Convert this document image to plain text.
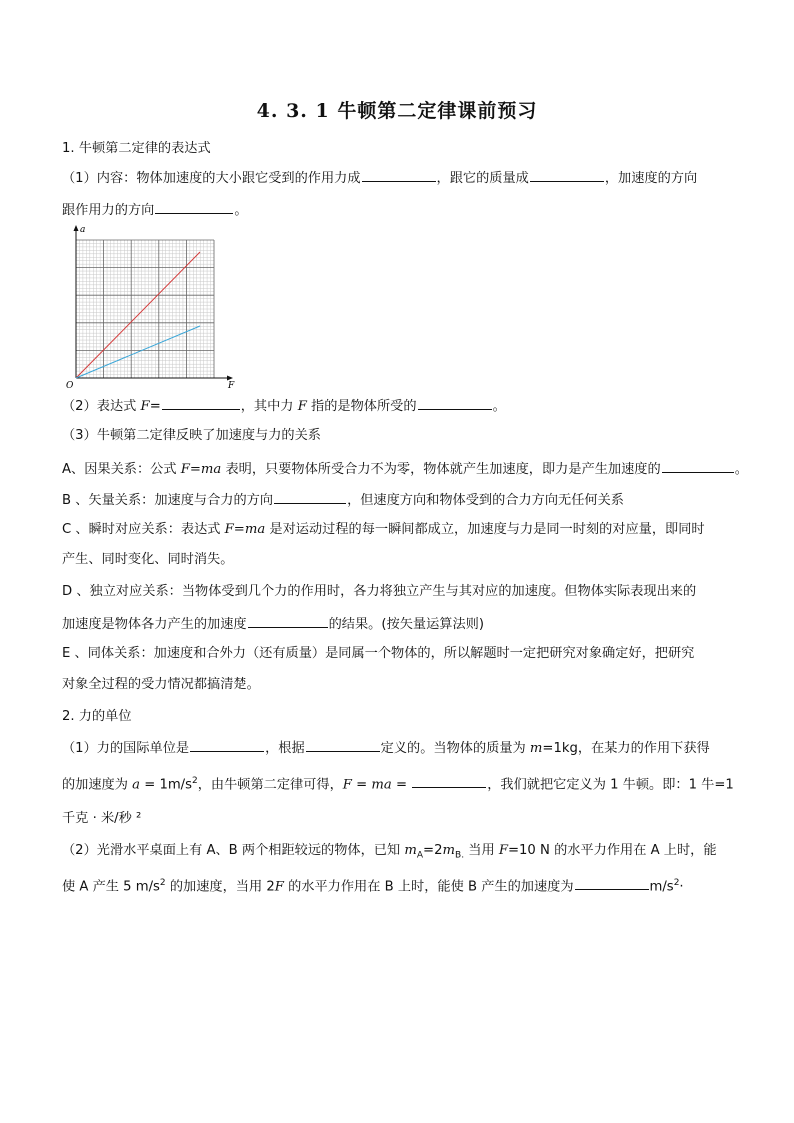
4. 3. 1 牛顿第二定律课前预习
1. 牛顿第二定律的表达式
（1）内容：物体加速度的大小跟它受到的作用力成	，跟它的质量成	，加速度的方向
跟作用力的方向	。
a
F
O
（2）表达式 F=	，其中力 F 指的是物体所受的	。
（3）牛顿第二定律反映了加速度与力的关系
A、因果关系：公式 F=ma 表明，只要物体所受合力不为零，物体就产生加速度，即力是产生加速度的	。
B 、矢量关系：加速度与合力的方向	，但速度方向和物体受到的合力方向无任何关系
C 、瞬时对应关系：表达式 F=ma 是对运动过程的每一瞬间都成立，加速度与力是同一时刻的对应量，即同时
产生、同时变化、同时消失。
D 、独立对应关系：当物体受到几个力的作用时，各力将独立产生与其对应的加速度。但物体实际表现出来的
加速度是物体各力产生的加速度	的结果。(按矢量运算法则)
E 、同体关系：加速度和合外力（还有质量）是同属一个物体的，所以解题时一定把研究对象确定好，把研究
对象全过程的受力情况都搞清楚。
2. 力的单位
（1）力的国际单位是	，根据	定义的。当物体的质量为 m=1kg，在某力的作用下获得
的加速度为 $a = 1m/s^2$，由牛顿第二定律可得，F = ma =	，我们就把它定义为 1 牛顿。即：1 牛=1
千克 · 米/秒 ²
（2）光滑水平桌面上有 A、B 两个相距较远的物体，已知 $m_A=2m_{B.}$ 当用 F=10 N 的水平力作用在 A 上时，能
使 A 产生 5 $m/s^2$ 的加速度，当用 2F 的水平力作用在 B 上时，能使 B 产生的加速度为	$m/s^2\cdot$
